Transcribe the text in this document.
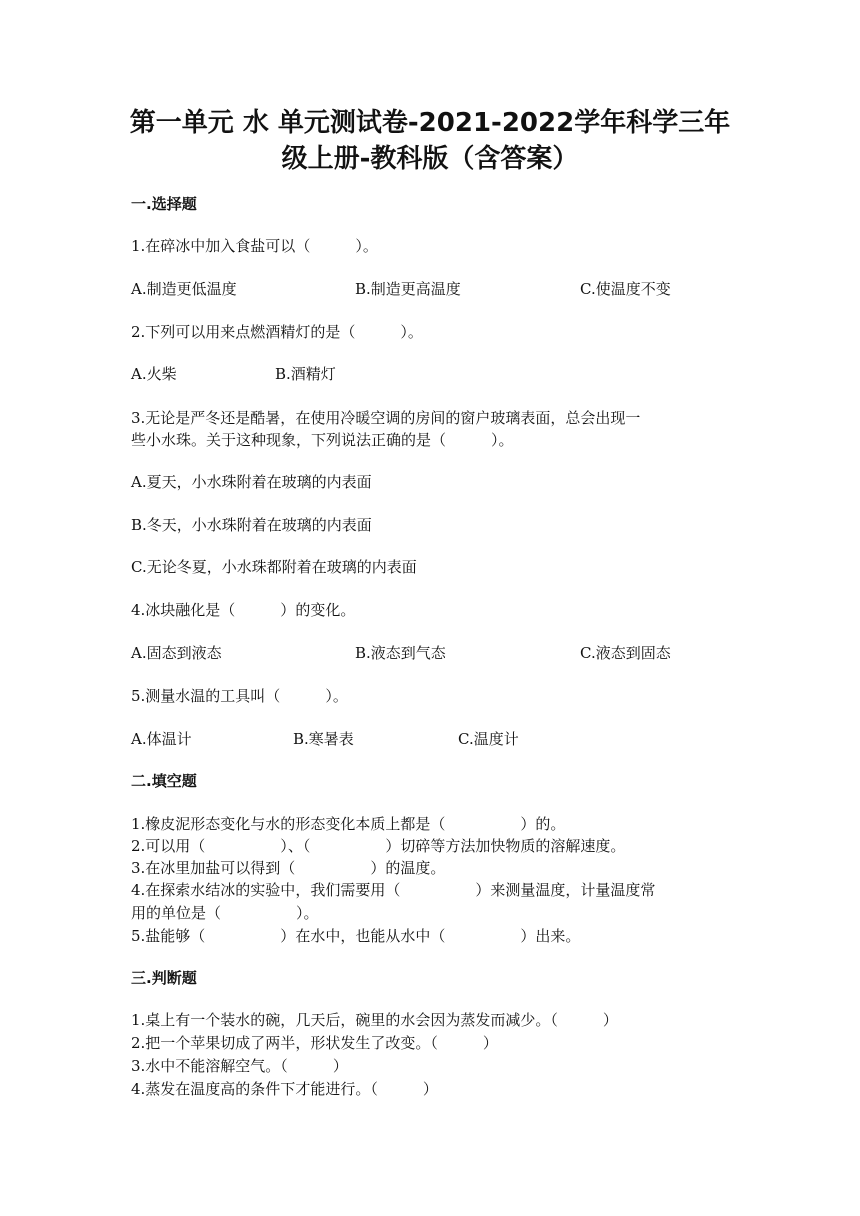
第一单元 水 单元测试卷-2021-2022学年科学三年
级上册-教科版（含答案）
一.选择题
1.在碎冰中加入食盐可以（　　　）。
A.制造更低温度	B.制造更高温度	C.使温度不变
2.下列可以用来点燃酒精灯的是（　　　）。
A.火柴	B.酒精灯
3.无论是严冬还是酷暑，在使用冷暖空调的房间的窗户玻璃表面，总会出现一
些小水珠。关于这种现象，下列说法正确的是（　　　）。
A.夏天，小水珠附着在玻璃的内表面
B.冬天，小水珠附着在玻璃的内表面
C.无论冬夏，小水珠都附着在玻璃的内表面
4.冰块融化是（　　　）的变化。
A.固态到液态	B.液态到气态	C.液态到固态
5.测量水温的工具叫（　　　）。
A.体温计	B.寒暑表	C.温度计
二.填空题
1.橡皮泥形态变化与水的形态变化本质上都是（　　　　　）的。
2.可以用（　　　　　）、（　　　　　）切碎等方法加快物质的溶解速度。
3.在冰里加盐可以得到（　　　　　）的温度。
4.在探索水结冰的实验中，我们需要用（　　　　　）来测量温度，计量温度常
用的单位是（　　　　　）。
5.盐能够（　　　　　）在水中，也能从水中（　　　　　）出来。
三.判断题
1.桌上有一个装水的碗，几天后，碗里的水会因为蒸发而减少。（　　　）
2.把一个苹果切成了两半，形状发生了改变。（　　　）
3.水中不能溶解空气。（　　　）
4.蒸发在温度高的条件下才能进行。（　　　）
